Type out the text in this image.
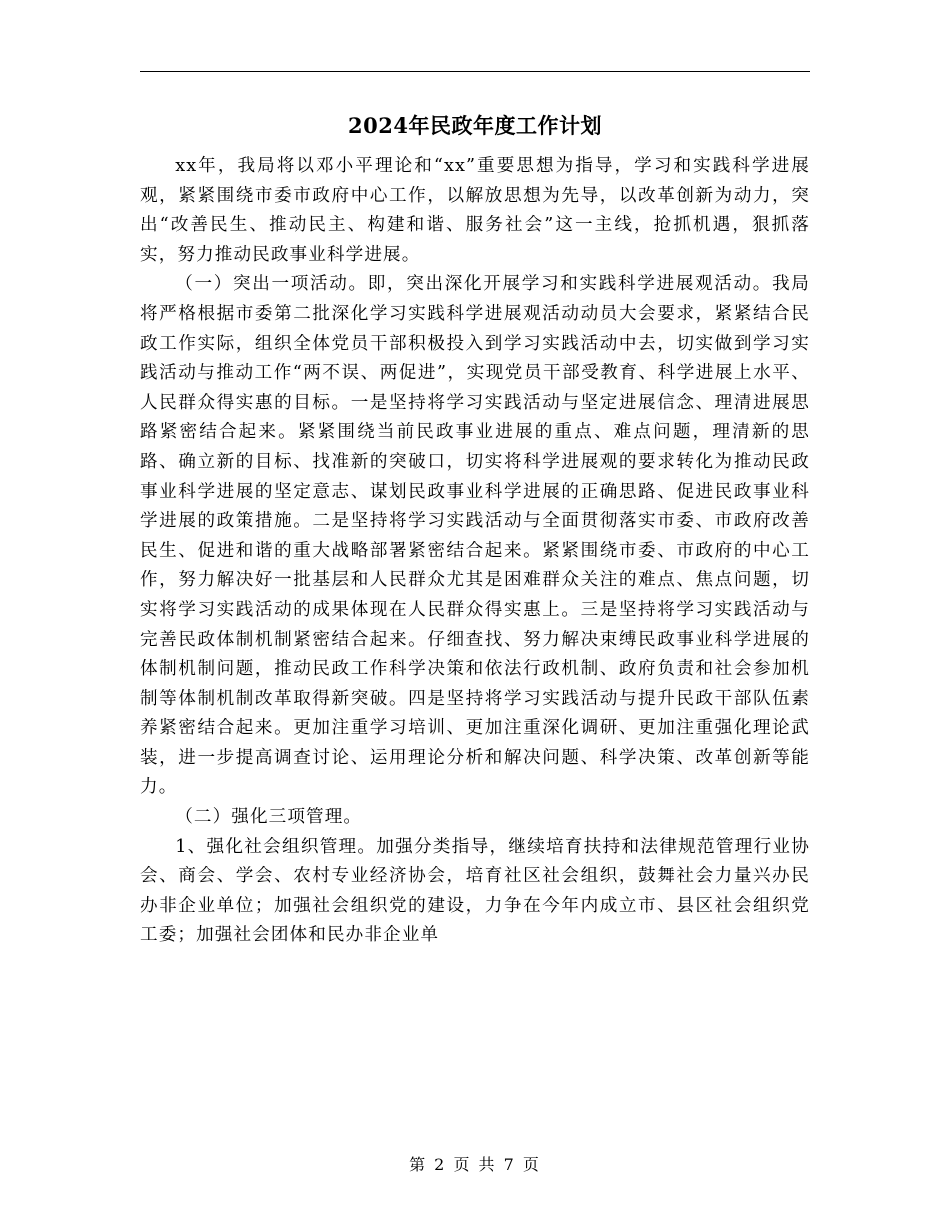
2024年民政年度工作计划

xx年，我局将以邓小平理论和“xx”重要思想为指导，学习和实践科学进展观，紧紧围绕市委市政府中心工作，以解放思想为先导，以改革创新为动力，突出“改善民生、推动民主、构建和谐、服务社会”这一主线，抢抓机遇，狠抓落实，努力推动民政事业科学进展。

（一）突出一项活动。即，突出深化开展学习和实践科学进展观活动。我局将严格根据市委第二批深化学习实践科学进展观活动动员大会要求，紧紧结合民政工作实际，组织全体党员干部积极投入到学习实践活动中去，切实做到学习实践活动与推动工作“两不误、两促进”，实现党员干部受教育、科学进展上水平、人民群众得实惠的目标。一是坚持将学习实践活动与坚定进展信念、理清进展思路紧密结合起来。紧紧围绕当前民政事业进展的重点、难点问题，理清新的思路、确立新的目标、找准新的突破口，切实将科学进展观的要求转化为推动民政事业科学进展的坚定意志、谋划民政事业科学进展的正确思路、促进民政事业科学进展的政策措施。二是坚持将学习实践活动与全面贯彻落实市委、市政府改善民生、促进和谐的重大战略部署紧密结合起来。紧紧围绕市委、市政府的中心工作，努力解决好一批基层和人民群众尤其是困难群众关注的难点、焦点问题，切实将学习实践活动的成果体现在人民群众得实惠上。三是坚持将学习实践活动与完善民政体制机制紧密结合起来。仔细查找、努力解决束缚民政事业科学进展的体制机制问题，推动民政工作科学决策和依法行政机制、政府负责和社会参加机制等体制机制改革取得新突破。四是坚持将学习实践活动与提升民政干部队伍素养紧密结合起来。更加注重学习培训、更加注重深化调研、更加注重强化理论武装，进一步提高调查讨论、运用理论分析和解决问题、科学决策、改革创新等能力。

（二）强化三项管理。

1、强化社会组织管理。加强分类指导，继续培育扶持和法律规范管理行业协会、商会、学会、农村专业经济协会，培育社区社会组织，鼓舞社会力量兴办民办非企业单位；加强社会组织党的建设，力争在今年内成立市、县区社会组织党工委；加强社会团体和民办非企业单

第 2 页 共 7 页
